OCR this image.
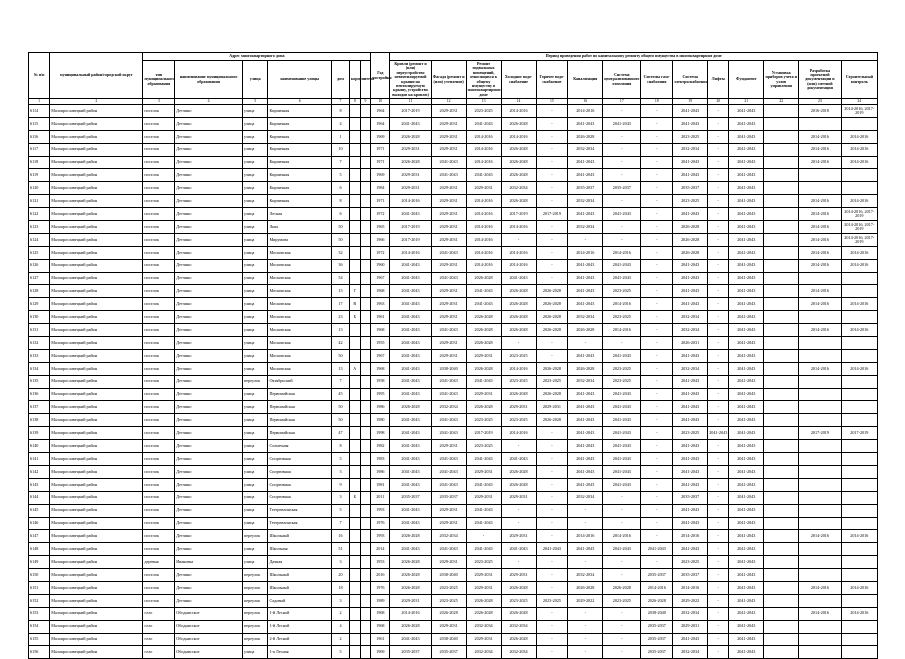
№ п/п	муниципальный район/городской округ	Адрес многоквартирного дома							Год постройки	Период проведения работ по капитальному ремонту общего имущества в многоквартирном доме													
		тип муниципального образования	наименование муниципального образования	улица	наименование улицы	дом	корпус	литера		Кровли (ремонт и (или) переустройство невентилируемой крыши на вентилируемую крышу, устройство выходов на кровлю)	Фасада (ремонт и (или) утепление)	Ремонт подвальных помещений, относящихся к общему имуществу в многоквартирном доме	Холодное водо-снабжение	Горячее водо-снабжение	Канализация	Система централизованного отопления	Системы газо-снабжения	Система электроснабжения	Лифты	Фундамент	Установка приборов учета и узлов управления	Разработка проектной документации и (или) сметной документации	Строительный контроль
1	2	3	4	5	6	7	8	9	10	11	12	13	14	15	16	17	18	19	20	21	22	23	24
6114	Малоярославецкий район	поселок	Детчино	улица	Кирпичная	8			1964	2017-2019	2029-2031	2023-2025	2014-2016	-	2014-2016	-	-	2041-2043	-	2041-2043		2016-2018	2014-2016, 2017-2019
6115	Малоярославецкий район	поселок	Детчино	улица	Кирпичная	4			1964	2041-2043	2029-2031	2041-2043	2026-2028	-	2041-2043	2041-2043	-	2041-2043	-	2041-2043			
6116	Малоярославецкий район	поселок	Детчино	улица	Кирпичная	1			1969	2026-2028	2029-2031	2014-2016	2014-2016	-	2026-2028	-	-	2023-2025	-	2041-2043		2014-2016	2014-2016
6117	Малоярославецкий район	поселок	Детчино	улица	Кирпичная	10			1971	2029-2031	2029-2031	2014-2016	2026-2028	-	2032-2034	-	-	2032-2034	-	2041-2043		2014-2016	2014-2016
6118	Малоярославецкий район	поселок	Детчино	улица	Кирпичная	7			1971	2026-2028	2041-2043	2014-2016	2026-2028	-	2041-2043	-	-	2041-2043	-	2041-2043		2014-2016	2014-2016
6119	Малоярославецкий район	поселок	Детчино	улица	Кирпичная	5			1969	2029-2031	2041-2043	2041-2043	2026-2028	-	2041-2043	-	-	2041-2043	-	2041-2043			
6120	Малоярославецкий район	поселок	Детчино	улица	Кирпичная	6			1984	2029-2031	2029-2031	2029-2031	2032-2034	-	2035-2037	2035-2037	-	2035-2037	-	2041-2043			
6121	Малоярославецкий район	поселок	Детчино	улица	Кирпичная	8			1971	2014-2016	2029-2031	2014-2016	2026-2028	-	2032-2034	-	-	2023-2025	-	2041-2043		2014-2016	2014-2016
6122	Малоярославецкий район	поселок	Детчино	улица	Лесная	6			1972	2041-2043	2029-2031	2014-2016	2017-2019	2017-2019	2041-2043	2041-2043	-	2041-2043	-	2041-2043		2014-2016	2014-2016, 2017-2019
6123	Малоярославецкий район	поселок	Детчино	улица	Льва	50			1965	2017-2019	2029-2031	2014-2016	2014-2016	-	2032-2034	-	-	2026-2028	-	2041-2043		2014-2016	2014-2016, 2017-2019
6124	Малоярославецкий район	поселок	Детчино	улица	Мирумова	50			1966	2017-2019	2029-2031	2014-2016	-	-	-	-	-	2026-2028	-	2041-2043		2014-2016	2014-2016, 2017-2019
6125	Малоярославецкий район	поселок	Детчино	улица	Московская	32			1972	2014-2016	2041-2043	2014-2016	2014-2016	-	2014-2016	2014-2016	-	2026-2028	-	2041-2043		2014-2016	2014-2016
6126	Малоярославецкий район	поселок	Детчино	улица	Московская	36			1960	2041-2043	2029-2031	2014-2016	2014-2016	-	2041-2043	2041-2043	-	2041-2043	-	2041-2043		2014-2016	2014-2016
6127	Малоярославецкий район	поселок	Детчино	улица	Московская	54			1967	2041-2043	2041-2043	2026-2028	2041-2043	-	2041-2043	2041-2043	-	2041-2043	-	2041-2043			
6128	Малоярославецкий район	поселок	Детчино	улица	Московская	15	Г		1968	2041-2043	2029-2031	2041-2043	2026-2028	2026-2028	2041-2043	2023-2025	-	2041-2043	-	2041-2043		2014-2016	
6129	Малоярославецкий район	поселок	Детчино	улица	Московская	17	В		1963	2041-2043	2029-2031	2041-2043	2026-2028	2026-2028	2041-2043	2014-2016	-	2041-2043	-	2041-2043		2014-2016	2014-2016
6130	Малоярославецкий район	поселок	Детчино	улица	Московская	23	Б		1961	2041-2043	2029-2031	2026-2028	2026-2028	2026-2028	2032-2034	2023-2025	-	2032-2034	-	2041-2043			
6131	Малоярославецкий район	поселок	Детчино	улица	Московская	13			1968	2041-2043	2041-2043	2026-2028	2026-2028	2026-2028	2026-2028	2014-2016	-	2032-2034	-	2041-2043		2014-2016	2014-2016
6132	Малоярославецкий район	поселок	Детчино	улица	Московская	42			1955	2041-2043	2029-2031	2026-2028	-	-	-	-	-	2026-2031	-	2041-2043			
6133	Малоярославецкий район	поселок	Детчино	улица	Московская	50			1967	2041-2043	2029-2031	2029-2031	2023-2025	-	2041-2043	2041-2043	-	2041-2043	-	2041-2043			
6134	Малоярославецкий район	поселок	Детчино	улица	Московская	13	А		1968	2041-2043	2038-2040	2026-2028	2014-2016	2026-2028	2026-2028	2023-2025	-	2032-2034	-	2041-2043		2014-2016	2014-2016
6135	Малоярославецкий район	поселок	Детчино	переулок	Октябрьский	7			1958	2041-2043	2041-2043	2041-2043	2023-2025	2023-2025	2032-2034	2023-2025	-	2041-2043	-	2041-2043			
6136	Малоярославецкий район	поселок	Детчино	улица	Первомайская	45			1995	2041-2043	2041-2043	2029-2031	2026-2028	2026-2028	2041-2043	2041-2043	-	2041-2043	-	2041-2043			
6137	Малоярославецкий район	поселок	Детчино	улица	Первомайская	50			1986	2026-2028	2032-2034	2026-2028	2029-2031	2029-2031	2041-2043	2041-2043	-	2041-2043	-	2041-2043			
6138	Малоярославецкий район	поселок	Детчино	улица	Первомайская	50			1980	2041-2043	2041-2043	2023-2025	2023-2025	2026-2028	2041-2043	2041-2043	-	2041-2043	-	2041-2043			
6139	Малоярославецкий район	поселок	Детчино	улица	Первомайская	47			1998	2041-2043	2041-2043	2017-2019	2014-2016	-	2041-2043	2041-2043	-	2023-2025	2041-2043	2041-2043		2017-2019	2017-2019
6140	Малоярославецкий район	поселок	Детчино	улица	Солнечная	8			1982	2041-2043	2029-2031	2023-2025	-	-	2041-2043	2041-2043	-	2041-2043	-	2041-2043			
6141	Малоярославецкий район	поселок	Детчино	улица	Спортивная	5			1983	2041-2043	2041-2043	2041-2043	2041-2043	-	2041-2043	2041-2043	-	2041-2043	-	2041-2043			
6142	Малоярославецкий район	поселок	Детчино	улица	Спортивная	3			1986	2041-2043	2041-2043	2029-2031	2026-2028	-	2041-2043	2041-2043	-	2041-2043	-	2041-2043			
6143	Малоярославецкий район	поселок	Детчино	улица	Спортивная	9			1981	2041-2043	2041-2043	2041-2043	2026-2028	-	2041-2043	2041-2043	-	2041-2043	-	2041-2043			
6144	Малоярославецкий район	поселок	Детчино	улица	Спортивная	3	Б		2011	2035-2037	2035-2037	2029-2031	2029-2031	-	2032-2034	-	-	2035-2037	-	2041-2043			
6145	Малоярославецкий район	поселок	Детчино	улица	Тетеревлинская	5			1993	2041-2043	2029-2031	2041-2043	-	-	-	-	-	2041-2043	-	2041-2043			
6146	Малоярославецкий район	поселок	Детчино	улица	Тетеревлинская	7			1976	2041-2043	2029-2031	2041-2043	-	-	-	-	-	2041-2043	-	2041-2043			
6147	Малоярославецкий район	поселок	Детчино	переулок	Школьный	16			1993	2026-2028	2032-2034	-	2029-2031	-	2014-2016	2014-2016	-	2014-2016	-	2041-2043		2014-2016	2014-2016
6148	Малоярославецкий район	поселок	Детчино	улица	Школьная	51			2014	2041-2043	2041-2043	2041-2043	2041-2043	2041-2043	2041-2043	2041-2043	2041-2043	2041-2043	-	2041-2043			
6149	Малоярославецкий район	деревня	Ивановка	улица	Дачная	3			1953	2026-2028	2029-2031	2023-2025	-	-	-	-	-	2023-2025	-	2041-2043			
6150	Малоярославецкий район	поселок	Детчино	переулок	Школьный	20			2016	2026-2028	2038-2040	2029-2031	2029-2031	-	2032-2034	-	2035-2037	2035-2037	-	2041-2043			
6151	Малоярославецкий район	поселок	Детчино	переулок	Школьный	18			1976	2026-2028	2023-2025	2029-2031	2026-2028	-	2026-2028	2026-2028	2014-2016	2014-2016	-	2041-2043		2014-2016	2014-2016
6152	Малоярославецкий район	поселок	Детчино	переулок	Садовый	3			1989	2029-2031	2023-2025	2026-2028	2023-2025	2023-2025	2029-2022	2023-2025	2026-2028	2029-2022	-	2041-2043			
6153	Малоярославецкий район	село	Ободнисское	переулок	1-й Лесной	2			1968	2014-2016	2026-2028	2026-2028	2026-2028	-	-	-	2038-2040	2032-2034	-	2041-2043		2014-2016	2014-2016
6154	Малоярославецкий район	село	Ободнисское	переулок	1-й Лесной	4			1968	2026-2028	2029-2031	2032-2034	2032-2034	-	-	-	2035-2037	2029-2031	-	2041-2043			
6155	Малоярославецкий район	село	Ободнисское	переулок	2-й Лесной	2			1961	2041-2043	2038-2040	2029-2031	2026-2028	-	-	-	2035-2037	2041-2043	-	2041-2043			
6156	Малоярославецкий район	село	Ободнисское	улица	1-я Лесная	5			1969	2035-2037	2035-2037	2032-2034	2032-2034	-	-	-	2035-2037	2032-2034	-	2041-2043			
